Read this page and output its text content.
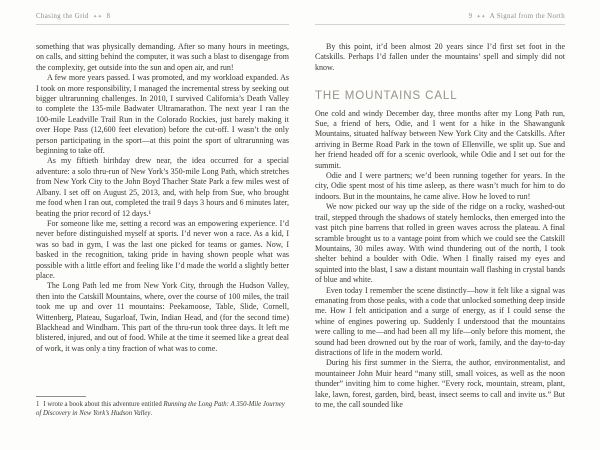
Chasing the Grid ✦✦ 8

something that was physically demanding. After so many hours in meetings, on calls, and sitting behind the computer, it was such a blast to disengage from the complexity, get outside into the sun and open air, and run!

A few more years passed. I was promoted, and my workload expanded. As I took on more responsibility, I managed the incremental stress by seeking out bigger ultrarunning challenges. In 2010, I survived California’s Death Valley to complete the 135-mile Badwater Ultramarathon. The next year I ran the 100-mile Leadville Trail Run in the Colorado Rockies, just barely making it over Hope Pass (12,600 feet elevation) before the cut-off. I wasn’t the only person participating in the sport—at this point the sport of ultrarunning was beginning to take off.

As my fiftieth birthday drew near, the idea occurred for a special adventure: a solo thru-run of New York’s 350-mile Long Path, which stretches from New York City to the John Boyd Thacher State Park a few miles west of Albany. I set off on August 25, 2013, and, with help from Sue, who brought me food when I ran out, completed the trail 9 days 3 hours and 6 minutes later, beating the prior record of 12 days.¹

For someone like me, setting a record was an empowering experience. I’d never before distinguished myself at sports. I’d never won a race. As a kid, I was so bad in gym, I was the last one picked for teams or games. Now, I basked in the recognition, taking pride in having shown people what was possible with a little effort and feeling like I’d made the world a slightly better place.

The Long Path led me from New York City, through the Hudson Valley, then into the Catskill Mountains, where, over the course of 100 miles, the trail took me up and over 11 mountains: Peekamoose, Table, Slide, Cornell, Wittenberg, Plateau, Sugarloaf, Twin, Indian Head, and (for the second time) Blackhead and Windham. This part of the thru-run took three days. It left me blistered, injured, and out of food. While at the time it seemed like a great deal of work, it was only a tiny fraction of what was to come.

1 I wrote a book about this adventure entitled Running the Long Path: A 350-Mile Journey of Discovery in New York’s Hudson Valley.
9 ✦✦ A Signal from the North

By this point, it’d been almost 20 years since I’d first set foot in the Catskills. Perhaps I’d fallen under the mountains’ spell and simply did not know.

THE MOUNTAINS CALL

One cold and windy December day, three months after my Long Path run, Sue, a friend of hers, Odie, and I went for a hike in the Shawangunk Mountains, situated halfway between New York City and the Catskills. After arriving in Berme Road Park in the town of Ellenville, we split up. Sue and her friend headed off for a scenic overlook, while Odie and I set out for the summit.

Odie and I were partners; we’d been running together for years. In the city, Odie spent most of his time asleep, as there wasn’t much for him to do indoors. But in the mountains, he came alive. How he loved to run!

We now picked our way up the side of the ridge on a rocky, washed-out trail, stepped through the shadows of stately hemlocks, then emerged into the vast pitch pine barrens that rolled in green waves across the plateau. A final scramble brought us to a vantage point from which we could see the Catskill Mountains, 30 miles away. With wind thundering out of the north, I took shelter behind a boulder with Odie. When I finally raised my eyes and squinted into the blast, I saw a distant mountain wall flashing in crystal bands of blue and white.

Even today I remember the scene distinctly—how it felt like a signal was emanating from those peaks, with a code that unlocked something deep inside me. How I felt anticipation and a surge of energy, as if I could sense the whine of engines powering up. Suddenly I understood that the mountains were calling to me—and had been all my life—only before this moment, the sound had been drowned out by the roar of work, family, and the day-to-day distractions of life in the modern world.

During his first summer in the Sierra, the author, environmentalist, and mountaineer John Muir heard “many still, small voices, as well as the noon thunder” inviting him to come higher. “Every rock, mountain, stream, plant, lake, lawn, forest, garden, bird, beast, insect seems to call and invite us.” But to me, the call sounded like
